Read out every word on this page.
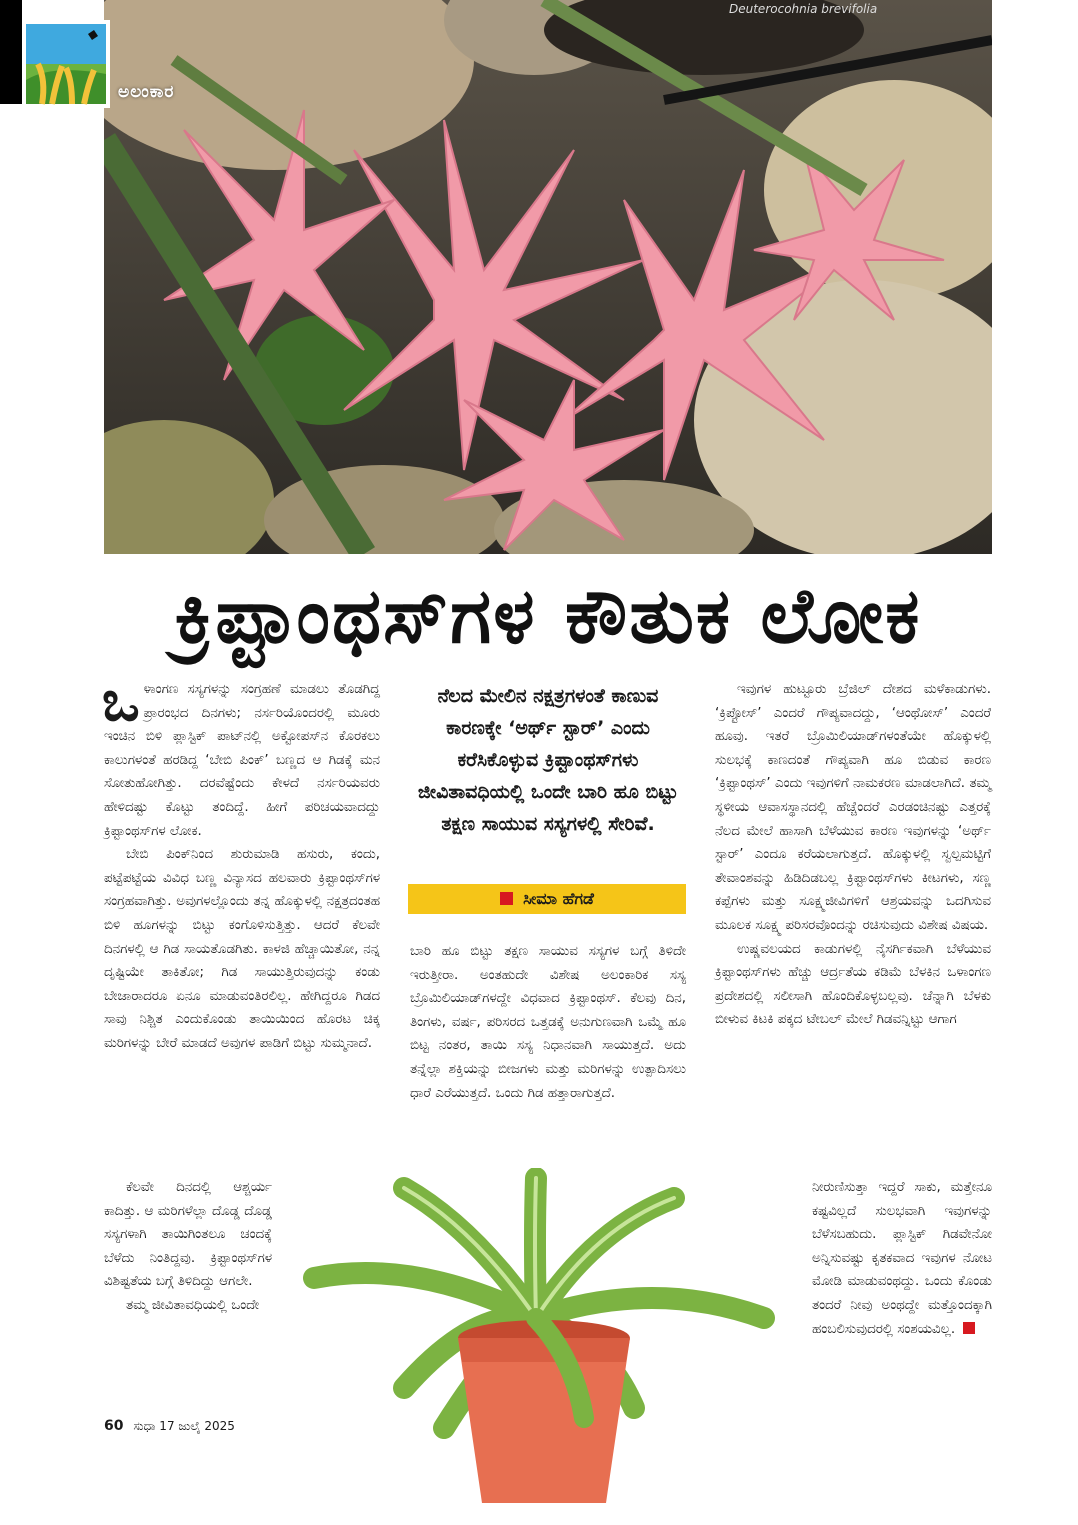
Deuterocohnia brevifolia
ಅಲಂಕಾರ
ಕ್ರಿಪ್ಟಾಂಥಸ್‌ಗಳ ಕೌತುಕ ಲೋಕ

ಒಳಾಂಗಣ ಸಸ್ಯಗಳನ್ನು ಸಂಗ್ರಹಣೆ ಮಾಡಲು ತೊಡಗಿದ್ದ ಪ್ರಾರಂಭದ ದಿನಗಳು; ನರ್ಸರಿಯೊಂದರಲ್ಲಿ ಮೂರು ಇಂಚಿನ ಬಿಳಿ ಪ್ಲಾಸ್ಟಿಕ್ ಪಾಟ್‌ನಲ್ಲಿ ಅಕ್ಟೋಪಸ್‌ನ ಕೊರಕಲು ಕಾಲುಗಳಂತೆ ಹರಡಿದ್ದ ‘ಬೇಬಿ ಪಿಂಕ್’ ಬಣ್ಣದ ಆ ಗಿಡಕ್ಕೆ ಮನ ಸೋತುಹೋಗಿತ್ತು. ದರವೆಷ್ಟೆಂದು ಕೇಳದೆ ನರ್ಸರಿಯವರು ಹೇಳಿದಷ್ಟು ಕೊಟ್ಟು ತಂದಿದ್ದೆ. ಹೀಗೆ ಪರಿಚಯವಾದದ್ದು ಕ್ರಿಪ್ಟಾಂಥಸ್‌ಗಳ ಲೋಕ.

ಬೇಬಿ ಪಿಂಕ್‌ನಿಂದ ಶುರುಮಾಡಿ ಹಸುರು, ಕಂದು, ಪಟ್ಟೆಪಟ್ಟೆಯ ವಿವಿಧ ಬಣ್ಣ ವಿನ್ಯಾಸದ ಹಲವಾರು ಕ್ರಿಪ್ಟಾಂಥಸ್‌ಗಳ ಸಂಗ್ರಹವಾಗಿತ್ತು. ಅವುಗಳಲ್ಲೊಂದು ತನ್ನ ಹೊಕ್ಕುಳಲ್ಲಿ ನಕ್ಷತ್ರದಂತಹ ಬಿಳಿ ಹೂಗಳನ್ನು ಬಿಟ್ಟು ಕಂಗೊಳಿಸುತ್ತಿತ್ತು. ಆದರೆ ಕೆಲವೇ ದಿನಗಳಲ್ಲಿ ಆ ಗಿಡ ಸಾಯತೊಡಗಿತು. ಕಾಳಜಿ ಹೆಚ್ಚಾಯಿತೋ, ನನ್ನ ದೃಷ್ಟಿಯೇ ತಾಕಿತೋ; ಗಿಡ ಸಾಯುತ್ತಿರುವುದನ್ನು ಕಂಡು ಬೇಜಾರಾದರೂ ಏನೂ ಮಾಡುವಂತಿರಲಿಲ್ಲ. ಹೇಗಿದ್ದರೂ ಗಿಡದ ಸಾವು ನಿಶ್ಚಿತ ಎಂದುಕೊಂಡು ತಾಯಿಯಿಂದ ಹೊರಟ ಚಿಕ್ಕ ಮರಿಗಳನ್ನು ಬೇರೆ ಮಾಡದೆ ಅವುಗಳ ಪಾಡಿಗೆ ಬಿಟ್ಟು ಸುಮ್ಮನಾದೆ.

ಕೆಲವೇ ದಿನದಲ್ಲಿ ಆಶ್ಚರ್ಯ ಕಾದಿತ್ತು. ಆ ಮರಿಗಳೆಲ್ಲಾ ದೊಡ್ಡ ದೊಡ್ಡ ಸಸ್ಯಗಳಾಗಿ ತಾಯಿಗಿಂತಲೂ ಚಂದಕ್ಕೆ ಬೆಳೆದು ನಿಂತಿದ್ದವು. ಕ್ರಿಪ್ಟಾಂಥಸ್‌ಗಳ ವಿಶಿಷ್ಟತೆಯ ಬಗ್ಗೆ ತಿಳಿದಿದ್ದು ಆಗಲೇ.

ತಮ್ಮ ಜೀವಿತಾವಧಿಯಲ್ಲಿ ಒಂದೇ

ನೆಲದ ಮೇಲಿನ ನಕ್ಷತ್ರಗಳಂತೆ ಕಾಣುವ ಕಾರಣಕ್ಕೇ ‘ಅರ್ಥ್ ಸ್ಟಾರ್’ ಎಂದು ಕರೆಸಿಕೊಳ್ಳುವ ಕ್ರಿಪ್ಟಾಂಥಸ್‌ಗಳು ಜೀವಿತಾವಧಿಯಲ್ಲಿ ಒಂದೇ ಬಾರಿ ಹೂ ಬಿಟ್ಟು ತಕ್ಷಣ ಸಾಯುವ ಸಸ್ಯಗಳಲ್ಲಿ ಸೇರಿವೆ.
ಸೀಮಾ ಹೆಗಡೆ

ಬಾರಿ ಹೂ ಬಿಟ್ಟು ತಕ್ಷಣ ಸಾಯುವ ಸಸ್ಯಗಳ ಬಗ್ಗೆ ತಿಳಿದೇ ಇರುತ್ತೀರಾ. ಅಂತಹುದೇ ವಿಶೇಷ ಅಲಂಕಾರಿಕ ಸಸ್ಯ ಬ್ರೊಮಿಲಿಯಾಡ್‌ಗಳದ್ದೇ ವಿಧವಾದ ಕ್ರಿಪ್ಟಾಂಥಸ್. ಕೆಲವು ದಿನ, ತಿಂಗಳು, ವರ್ಷ, ಪರಿಸರದ ಒತ್ತಡಕ್ಕೆ ಅನುಗುಣವಾಗಿ ಒಮ್ಮೆ ಹೂ ಬಿಟ್ಟ ನಂತರ, ತಾಯಿ ಸಸ್ಯ ನಿಧಾನವಾಗಿ ಸಾಯುತ್ತದೆ. ಅದು ತನ್ನೆಲ್ಲಾ ಶಕ್ತಿಯನ್ನು ಬೀಜಗಳು ಮತ್ತು ಮರಿಗಳನ್ನು ಉತ್ಪಾದಿಸಲು ಧಾರೆ ಎರೆಯುತ್ತದೆ. ಒಂದು ಗಿಡ ಹತ್ತಾರಾಗುತ್ತದೆ.

ಇವುಗಳ ಹುಟ್ಟೂರು ಬ್ರೆಜಿಲ್ ದೇಶದ ಮಳೆಕಾಡುಗಳು. ‘ಕ್ರಿಪ್ಟೋಸ್’ ಎಂದರೆ ಗೌಪ್ಯವಾದದ್ದು, ‘ಆಂಥೋಸ್’ ಎಂದರೆ ಹೂವು. ಇತರೆ ಬ್ರೊಮಿಲಿಯಾಡ್‌ಗಳಂತೆಯೇ ಹೊಕ್ಕುಳಲ್ಲಿ ಸುಲಭಕ್ಕೆ ಕಾಣದಂತೆ ಗೌಪ್ಯವಾಗಿ ಹೂ ಬಿಡುವ ಕಾರಣ ‘ಕ್ರಿಪ್ಟಾಂಥಸ್’ ಎಂದು ಇವುಗಳಿಗೆ ನಾಮಕರಣ ಮಾಡಲಾಗಿದೆ. ತಮ್ಮ ಸ್ಥಳೀಯ ಆವಾಸಸ್ಥಾನದಲ್ಲಿ ಹೆಚ್ಚೆಂದರೆ ಎರಡಂಚಿನಷ್ಟು ಎತ್ತರಕ್ಕೆ ನೆಲದ ಮೇಲೆ ಹಾಸಾಗಿ ಬೆಳೆಯುವ ಕಾರಣ ಇವುಗಳನ್ನು ‘ಅರ್ಥ್ ಸ್ಟಾರ್’ ಎಂದೂ ಕರೆಯಲಾಗುತ್ತದೆ. ಹೊಕ್ಕುಳಲ್ಲಿ ಸ್ವಲ್ಪಮಟ್ಟಿಗೆ ತೇವಾಂಶವನ್ನು ಹಿಡಿದಿಡಬಲ್ಲ ಕ್ರಿಪ್ಟಾಂಥಸ್‌ಗಳು ಕೀಟಗಳು, ಸಣ್ಣ ಕಪ್ಪೆಗಳು ಮತ್ತು ಸೂಕ್ಷ್ಮಜೀವಿಗಳಿಗೆ ಆಶ್ರಯವನ್ನು ಒದಗಿಸುವ ಮೂಲಕ ಸೂಕ್ಷ್ಮ ಪರಿಸರವೊಂದನ್ನು ರಚಿಸುವುದು ವಿಶೇಷ ವಿಷಯ.

ಉಷ್ಣವಲಯದ ಕಾಡುಗಳಲ್ಲಿ ನೈಸರ್ಗಿಕವಾಗಿ ಬೆಳೆಯುವ ಕ್ರಿಪ್ಟಾಂಥಸ್‌ಗಳು ಹೆಚ್ಚು ಆರ್ದ್ರತೆಯ ಕಡಿಮೆ ಬೆಳಕಿನ ಒಳಾಂಗಣ ಪ್ರದೇಶದಲ್ಲಿ ಸಲೀಸಾಗಿ ಹೊಂದಿಕೊಳ್ಳಬಲ್ಲವು. ಚೆನ್ನಾಗಿ ಬೆಳಕು ಬೀಳುವ ಕಿಟಕಿ ಪಕ್ಕದ ಟೇಬಲ್ ಮೇಲೆ ಗಿಡವನ್ನಿಟ್ಟು ಆಗಾಗ

ನೀರುಣಿಸುತ್ತಾ ಇದ್ದರೆ ಸಾಕು, ಮತ್ತೇನೂ ಕಷ್ಟವಿಲ್ಲದೆ ಸುಲಭವಾಗಿ ಇವುಗಳನ್ನು ಬೆಳೆಸಬಹುದು. ಪ್ಲಾಸ್ಟಿಕ್ ಗಿಡವೇನೋ ಅನ್ನಿಸುವಷ್ಟು ಕೃತಕವಾದ ಇವುಗಳ ನೋಟ ಮೋಡಿ ಮಾಡುವಂಥದ್ದು. ಒಂದು ಕೊಂಡು ತಂದರೆ ನೀವು ಅಂಥದ್ದೇ ಮತ್ತೊಂದಕ್ಕಾಗಿ ಹಂಬಲಿಸುವುದರಲ್ಲಿ ಸಂಶಯವಿಲ್ಲ.

60 ಸುಧಾ 17 ಜುಲೈ 2025
